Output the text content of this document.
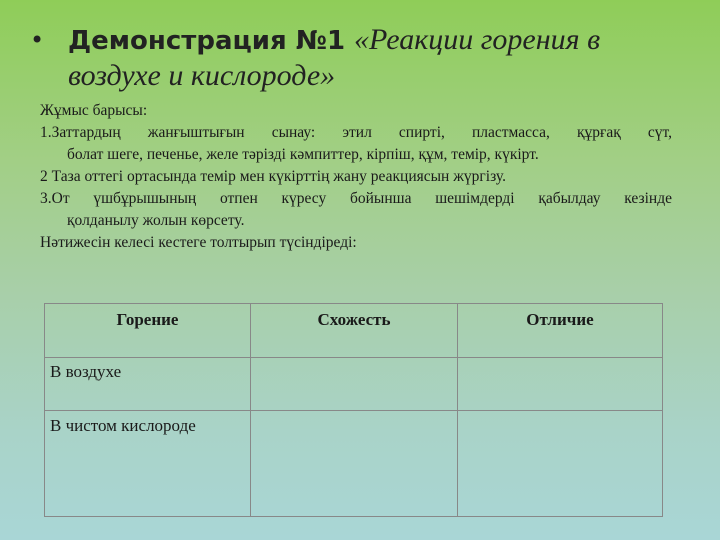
• Демонстрация №1 «Реакции горения в
воздухе и кислороде»
Жұмыс барысы:
1.Заттардың жанғыштығын сынау: этил спирті, пластмасса, құрғақ сүт,
болат шеге, печенье, желе тәрізді кәмпиттер, кірпіш, құм, темір, күкірт.
2 Таза оттегі ортасында темір мен күкірттің жану реакциясын жүргізу.
3.От үшбұрышының отпен күресу бойынша шешімдерді қабылдау кезінде
қолданылу жолын көрсету.
Нәтижесін келесі кестеге толтырып түсіндіреді:
Горение	Схожесть	Отличие

В воздухе		

В чистом кислороде		
